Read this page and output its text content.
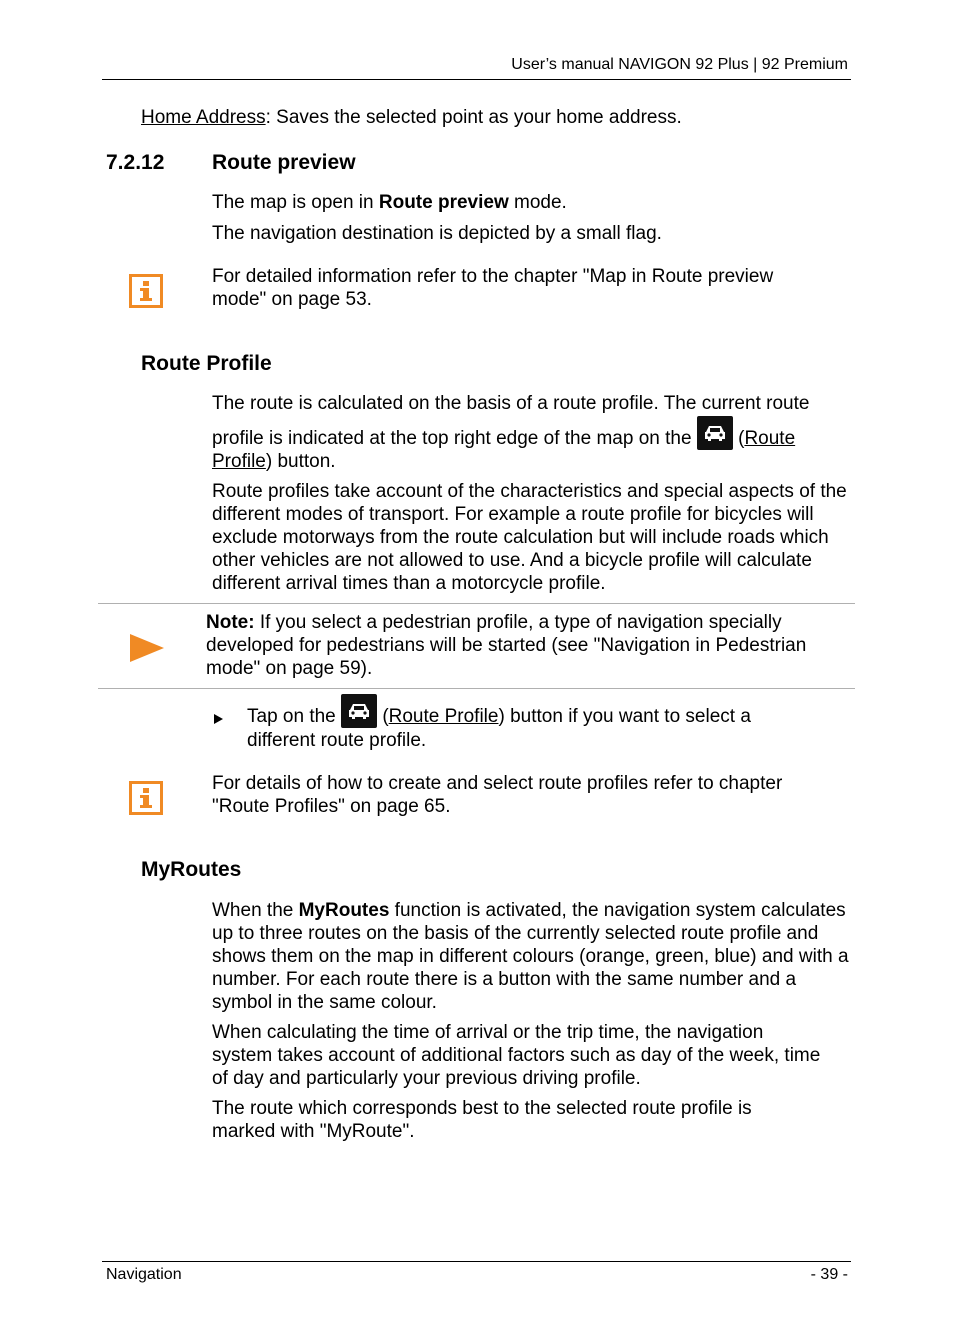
User’s manual NAVIGON 92 Plus | 92 Premium
Home Address: Saves the selected point as your home address.
7.2.12 Route preview
The map is open in Route preview mode.
The navigation destination is depicted by a small flag.
For detailed information refer to the chapter "Map in Route preview mode" on page 53.
Route Profile
The route is calculated on the basis of a route profile. The current route
profile is indicated at the top right edge of the map on the
(Route
Profile) button.
Route profiles take account of the characteristics and special aspects of the different modes of transport. For example a route profile for bicycles will exclude motorways from the route calculation but will include roads which other vehicles are not allowed to use. And a bicycle profile will calculate different arrival times than a motorcycle profile.
Note: If you select a pedestrian profile, a type of navigation specially developed for pedestrians will be started (see "Navigation in Pedestrian mode" on page 59).
Tap on the
(Route Profile) button if you want to select a
different route profile.
For details of how to create and select route profiles refer to chapter "Route Profiles" on page 65.
MyRoutes
When the MyRoutes function is activated, the navigation system calculates up to three routes on the basis of the currently selected route profile and shows them on the map in different colours (orange, green, blue) and with a number. For each route there is a button with the same number and a symbol in the same colour.
When calculating the time of arrival or the trip time, the navigation system takes account of additional factors such as day of the week, time of day and particularly your previous driving profile.
The route which corresponds best to the selected route profile is marked with "MyRoute".
Navigation	- 39 -
